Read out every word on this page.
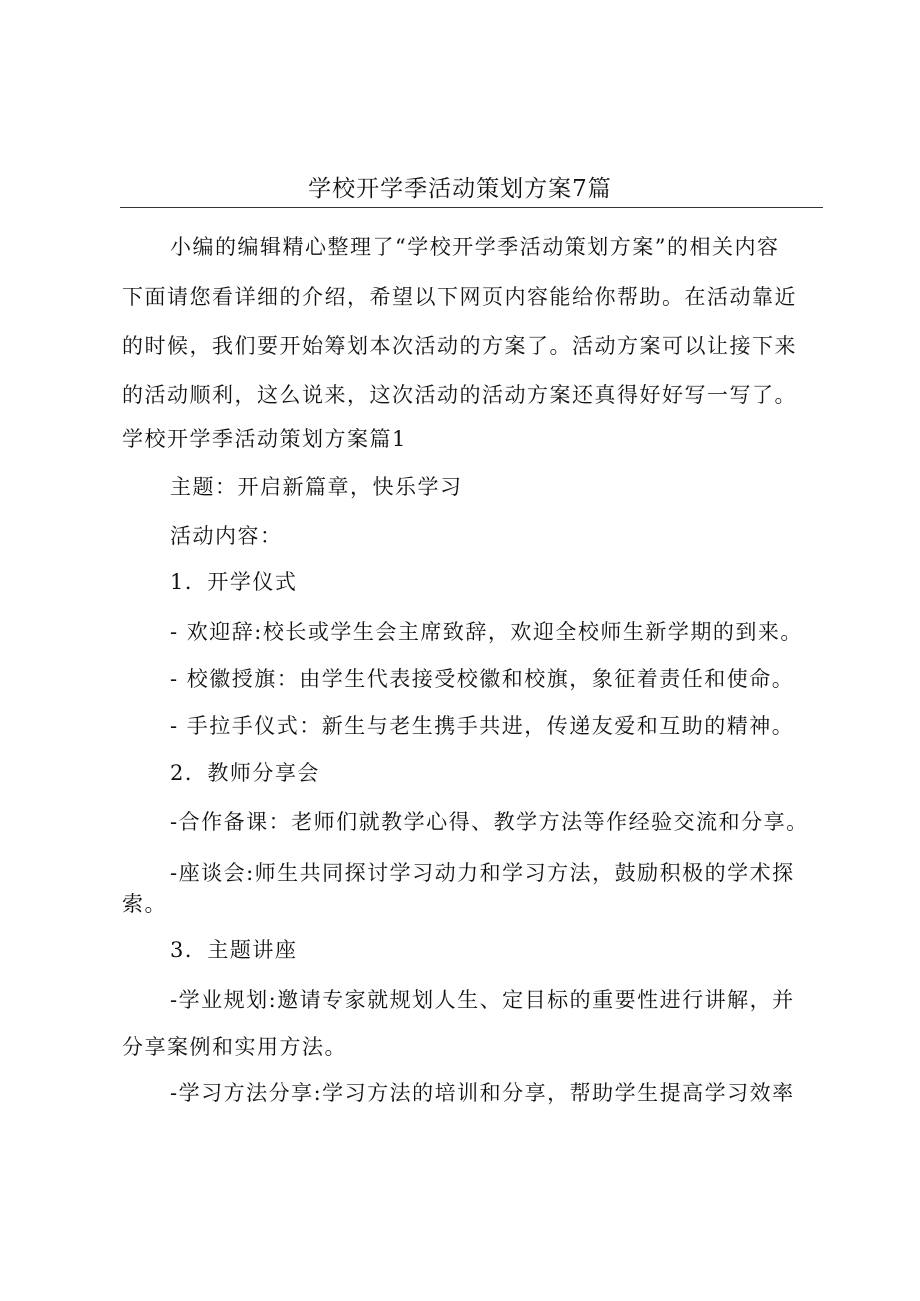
学校开学季活动策划方案7篇
小编的编辑精心整理了“学校开学季活动策划方案”的相关内容
下面请您看详细的介绍，希望以下网页内容能给你帮助。在活动靠近
的时候，我们要开始筹划本次活动的方案了。活动方案可以让接下来
的活动顺利，这么说来，这次活动的活动方案还真得好好写一写了。
学校开学季活动策划方案篇1
主题：开启新篇章，快乐学习
活动内容：
1．开学仪式
- 欢迎辞:校长或学生会主席致辞，欢迎全校师生新学期的到来。
- 校徽授旗：由学生代表接受校徽和校旗，象征着责任和使命。
- 手拉手仪式：新生与老生携手共进，传递友爱和互助的精神。
2．教师分享会
-合作备课：老师们就教学心得、教学方法等作经验交流和分享。
-座谈会:师生共同探讨学习动力和学习方法，鼓励积极的学术探
索。
3．主题讲座
-学业规划:邀请专家就规划人生、定目标的重要性进行讲解，并
分享案例和实用方法。
-学习方法分享:学习方法的培训和分享，帮助学生提高学习效率
